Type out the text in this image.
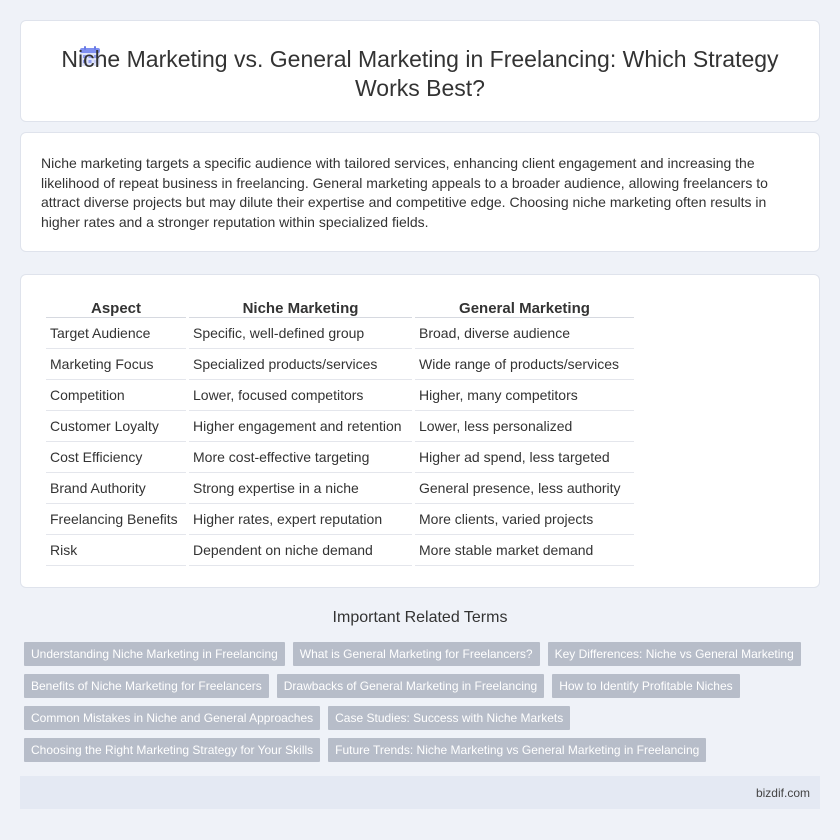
Niche Marketing vs. General Marketing in Freelancing: Which Strategy Works Best?

Niche marketing targets a specific audience with tailored services, enhancing client engagement and increasing the likelihood of repeat business in freelancing. General marketing appeals to a broader audience, allowing freelancers to attract diverse projects but may dilute their expertise and competitive edge. Choosing niche marketing often results in higher rates and a stronger reputation within specialized fields.

Aspect	Niche Marketing	General Marketing
Target Audience	Specific, well-defined group	Broad, diverse audience
Marketing Focus	Specialized products/services	Wide range of products/services
Competition	Lower, focused competitors	Higher, many competitors
Customer Loyalty	Higher engagement and retention	Lower, less personalized
Cost Efficiency	More cost-effective targeting	Higher ad spend, less targeted
Brand Authority	Strong expertise in a niche	General presence, less authority
Freelancing Benefits	Higher rates, expert reputation	More clients, varied projects
Risk	Dependent on niche demand	More stable market demand
Important Related Terms
Understanding Niche Marketing in Freelancing	What is General Marketing for Freelancers?	Key Differences: Niche vs General Marketing
Benefits of Niche Marketing for Freelancers	Drawbacks of General Marketing in Freelancing	How to Identify Profitable Niches
Common Mistakes in Niche and General Approaches	Case Studies: Success with Niche Markets
Choosing the Right Marketing Strategy for Your Skills	Future Trends: Niche Marketing vs General Marketing in Freelancing
bizdif.com
